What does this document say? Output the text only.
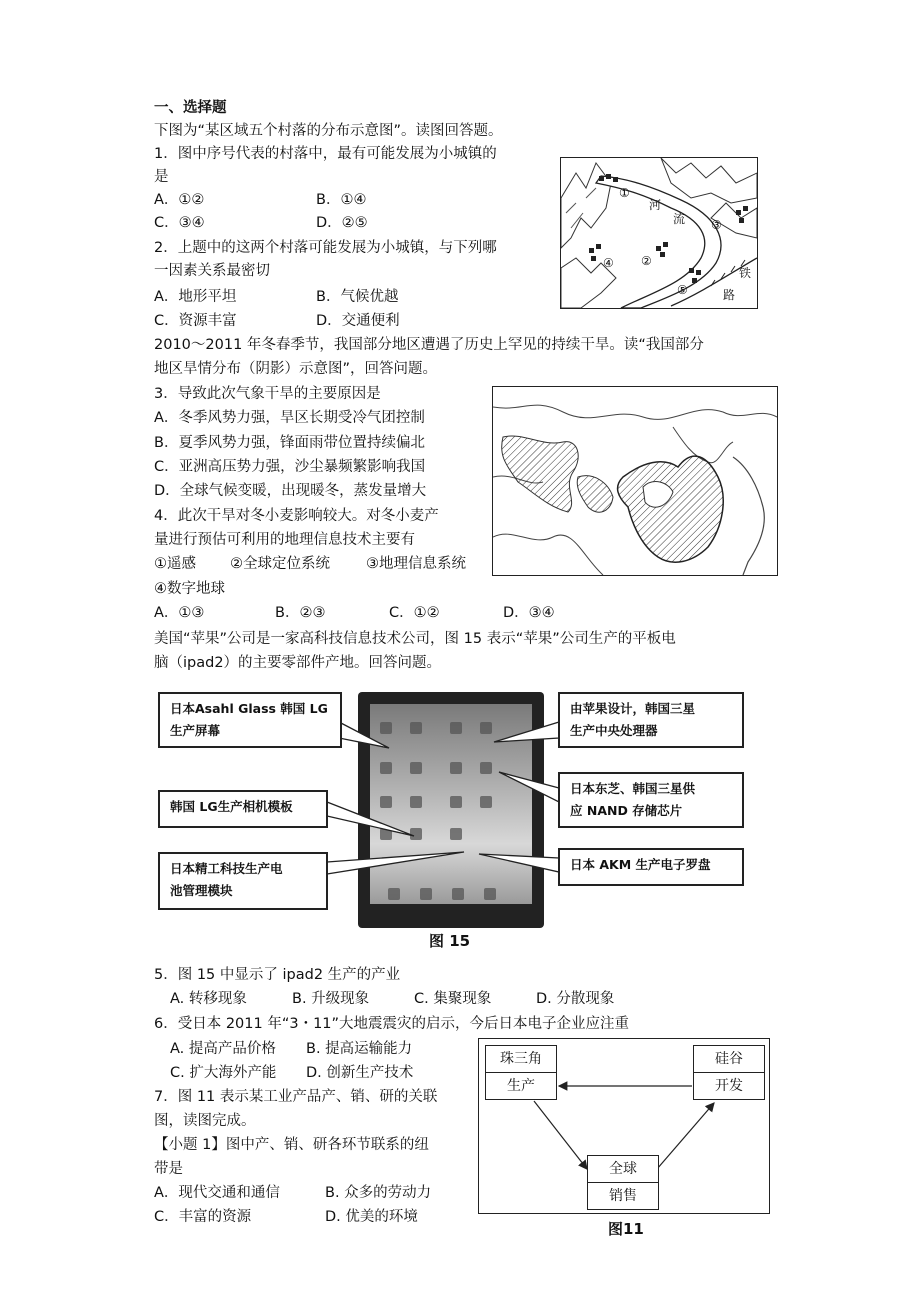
一、选择题
下图为“某区域五个村落的分布示意图”。读图回答题。
1．图中序号代表的村落中，最有可能发展为小城镇的
是
A．①②	B．①④
C．③④	D．②⑤
2．上题中的这两个村落可能发展为小城镇，与下列哪
一因素关系最密切
A．地形平坦	B．气候优越
C．资源丰富	D．交通便利
①
②
③
④
⑤
河
流
铁
路
2010～2011 年冬春季节，我国部分地区遭遇了历史上罕见的持续干旱。读“我国部分
地区旱情分布（阴影）示意图”，回答问题。
3．导致此次气象干旱的主要原因是
A．冬季风势力强，旱区长期受冷气团控制
B．夏季风势力强，锋面雨带位置持续偏北
C．亚洲高压势力强，沙尘暴频繁影响我国
D．全球气候变暖，出现暖冬，蒸发量增大
4．此次干旱对冬小麦影响较大。对冬小麦产
量进行预估可利用的地理信息技术主要有
①遥感 ②全球定位系统 ③地理信息系统
④数字地球
A．①③	B．②③	C．①②	D．③④
美国“苹果”公司是一家高科技信息技术公司，图 15 表示“苹果”公司生产的平板电
脑（ipad2）的主要零部件产地。回答问题。
日本Asahl Glass 韩国 LG
生产屏幕
韩国 LG生产相机模板
日本精工科技生产电
池管理模块
由苹果设计，韩国三星
生产中央处理器
日本东芝、韩国三星供
应 NAND 存储芯片
日本 AKM 生产电子罗盘
图 15
5．图 15 中显示了 ipad2 生产的产业
A. 转移现象	B. 升级现象	C. 集聚现象	D. 分散现象
6．受日本 2011 年“3・11”大地震震灾的启示，今后日本电子企业应注重
A. 提高产品价格 B. 提高运输能力
C. 扩大海外产能 D. 创新生产技术
7．图 11 表示某工业产品产、销、研的关联
图，读图完成。
【小题 1】图中产、销、研各环节联系的纽
带是
A．现代交通和通信	B. 众多的劳动力
C．丰富的资源	D. 优美的环境
珠三角
生产
硅谷
开发
全球
销售
图11
